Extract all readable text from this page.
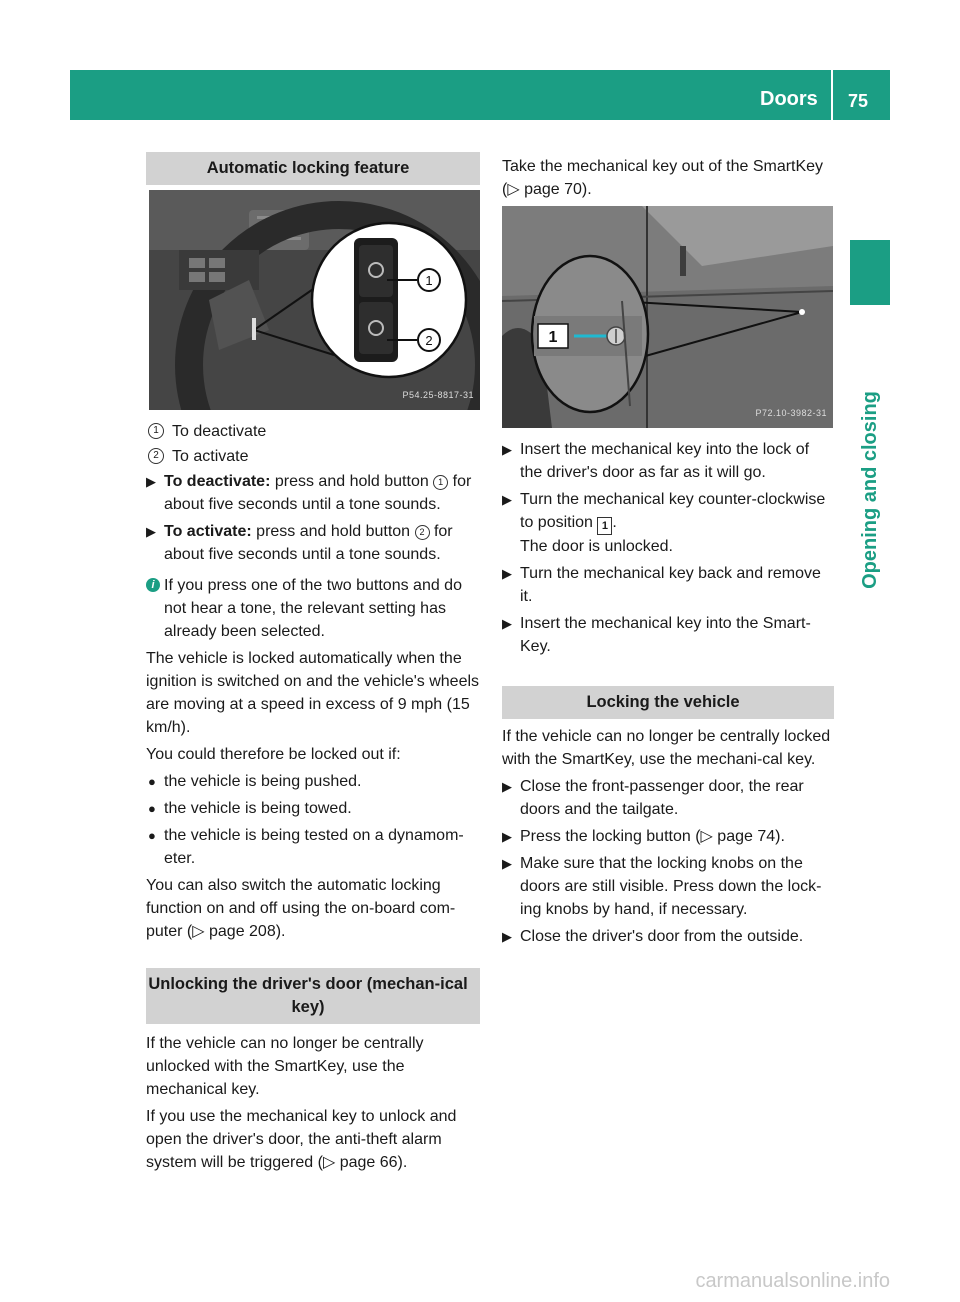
Doors 75
Opening and closing
Automatic locking feature
1
2
P54.25-8817-31
1 To deactivate
2 To activate
▶ To deactivate: press and hold button 1 for about five seconds until a tone sounds.
▶ To activate: press and hold button 2 for about five seconds until a tone sounds.
i If you press one of the two buttons and do not hear a tone, the relevant setting has already been selected.
The vehicle is locked automatically when the ignition is switched on and the vehicle's wheels are moving at a speed in excess of 9 mph (15 km/h).
You could therefore be locked out if:
● the vehicle is being pushed.
● the vehicle is being towed.
● the vehicle is being tested on a dynamom-eter.
You can also switch the automatic locking function on and off using the on-board com-puter (▷ page 208).
Unlocking the driver's door (mechan-ical key)
If the vehicle can no longer be centrally unlocked with the SmartKey, use the mechanical key.
If you use the mechanical key to unlock and open the driver's door, the anti-theft alarm system will be triggered (▷ page 66).
Take the mechanical key out of the SmartKey (▷ page 70).
1
P72.10-3982-31
▶ Insert the mechanical key into the lock of the driver's door as far as it will go.
▶ Turn the mechanical key counter-clockwise to position 1 .
The door is unlocked.
▶ Turn the mechanical key back and remove it.
▶ Insert the mechanical key into the Smart-Key.
Locking the vehicle
If the vehicle can no longer be centrally locked with the SmartKey, use the mechani-cal key.
▶ Close the front-passenger door, the rear doors and the tailgate.
▶ Press the locking button (▷ page 74).
▶ Make sure that the locking knobs on the doors are still visible. Press down the lock-ing knobs by hand, if necessary.
▶ Close the driver's door from the outside.
carmanualsonline.info
